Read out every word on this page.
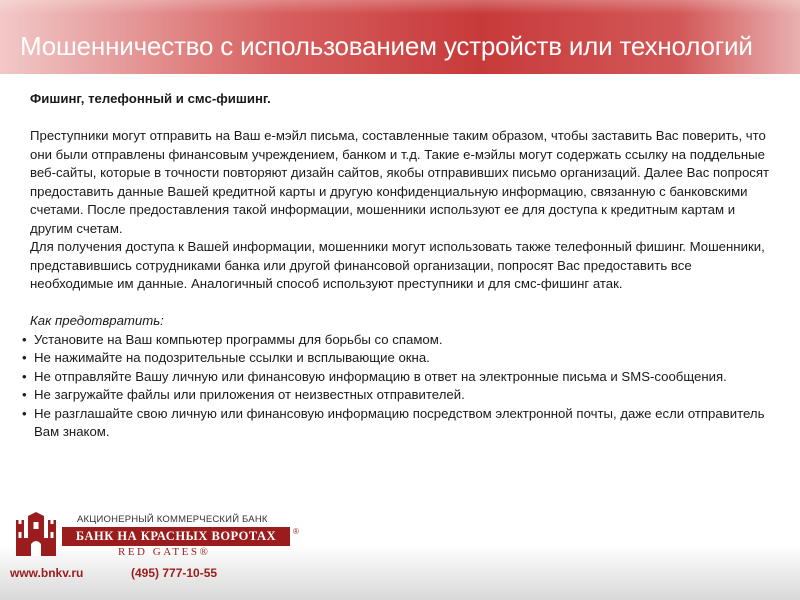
Мошенничество с использованием устройств или технологий

Фишинг, телефонный и смс-фишинг.

Преступники могут отправить на Ваш е-мэйл письма, составленные таким образом, чтобы заставить Вас поверить, что они были отправлены финансовым учреждением, банком и т.д. Такие е-мэйлы могут содержать ссылку на поддельные веб-сайты, которые в точности повторяют дизайн сайтов, якобы отправивших письмо организаций. Далее Вас попросят предоставить данные Вашей кредитной карты и другую конфиденциальную информацию, связанную с банковскими счетами. После предоставления такой информации, мошенники используют ее для доступа к кредитным картам и другим счетам.

Для получения доступа к Вашей информации, мошенники могут использовать также телефонный фишинг. Мошенники, представившись сотрудниками банка или другой финансовой организации, попросят Вас предоставить все необходимые им данные. Аналогичный способ используют преступники и для смс-фишинг атак.

Как предотвратить:

• Установите на Ваш компьютер программы для борьбы со спамом.
• Не нажимайте на подозрительные ссылки и всплывающие окна.
• Не отправляйте Вашу личную или финансовую информацию в ответ на электронные письма и SMS-сообщения.
• Не загружайте файлы или приложения от неизвестных отправителей.
• Не разглашайте свою личную или финансовую информацию посредством электронной почты, даже если отправитель Вам знаком.
АКЦИОНЕРНЫЙ КОММЕРЧЕСКИЙ БАНК
БАНК НА КРАСНЫХ ВОРОТАХ	®
RED GATES®
www.bnkv.ru	(495) 777-10-55
